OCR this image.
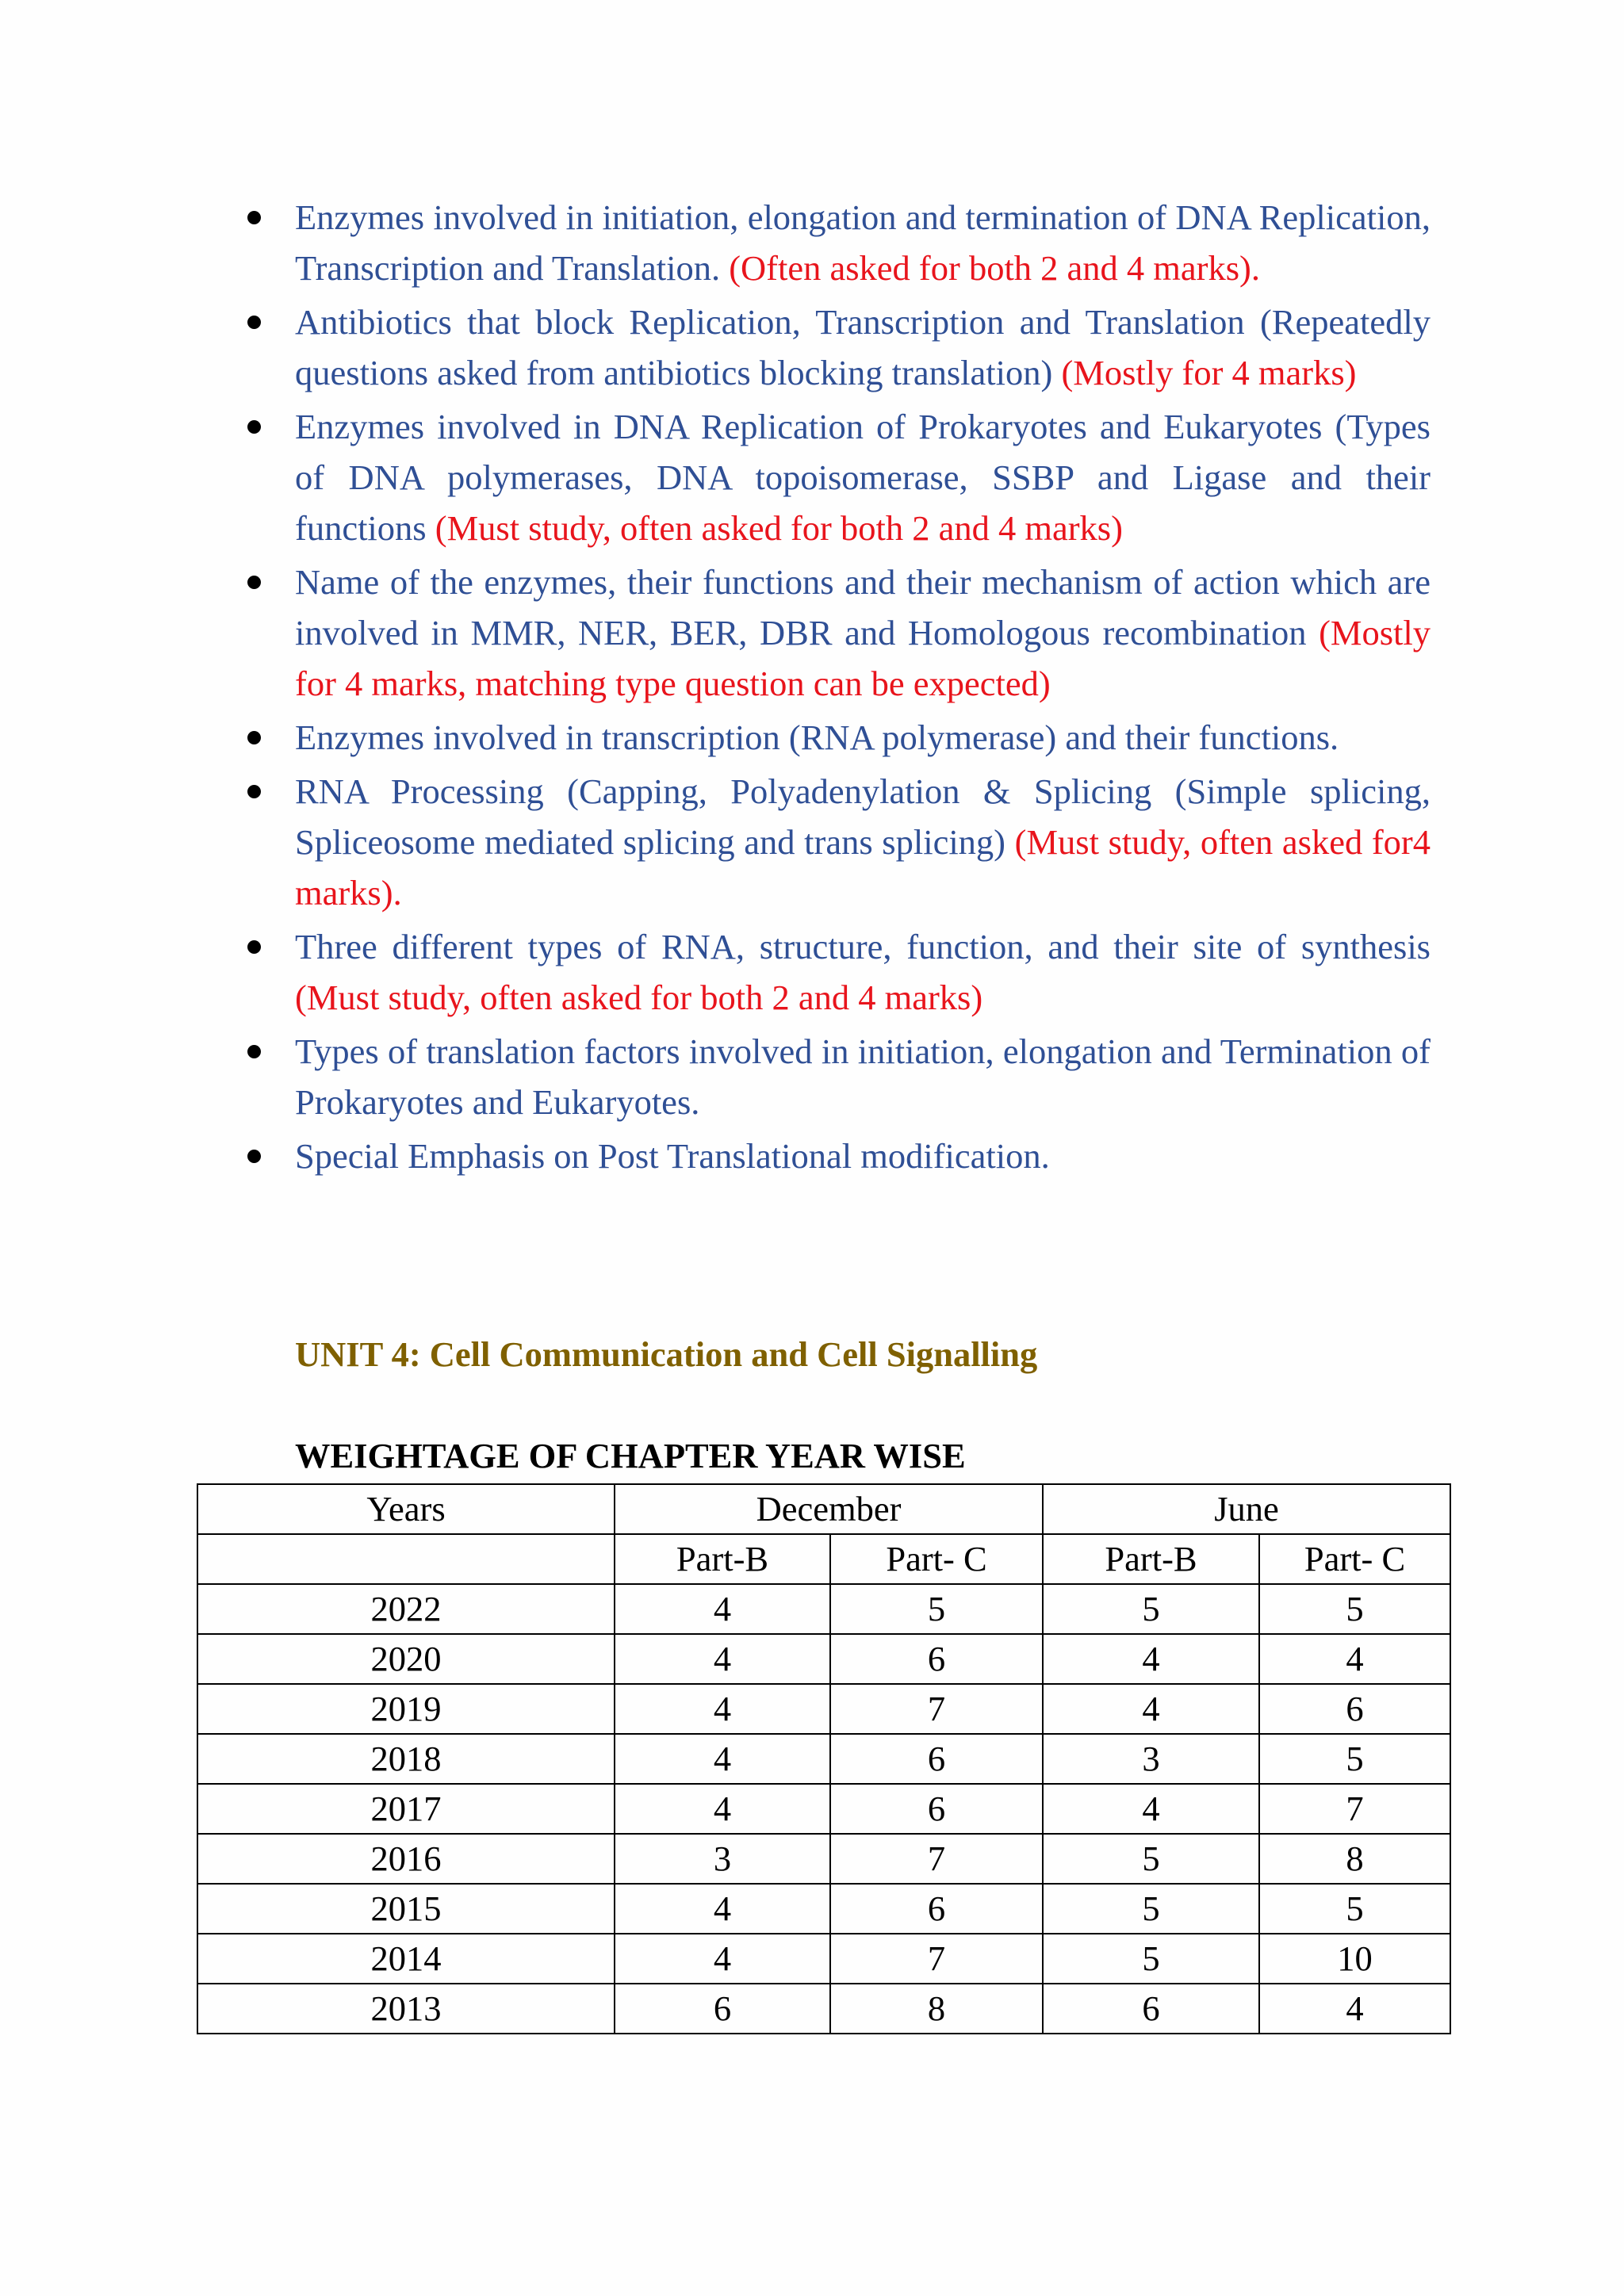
Enzymes involved in initiation, elongation and termination of DNA Replication, Transcription and Translation. (Often asked for both 2 and 4 marks).
Antibiotics that block Replication, Transcription and Translation (Repeatedly questions asked from antibiotics blocking translation) (Mostly for 4 marks)
Enzymes involved in DNA Replication of Prokaryotes and Eukaryotes (Types of DNA polymerases, DNA topoisomerase, SSBP and Ligase and their functions (Must study, often asked for both 2 and 4 marks)
Name of the enzymes, their functions and their mechanism of action which are involved in MMR, NER, BER, DBR and Homologous recombination (Mostly for 4 marks, matching type question can be expected)
Enzymes involved in transcription (RNA polymerase) and their functions.
RNA Processing (Capping, Polyadenylation & Splicing (Simple splicing, Spliceosome mediated splicing and trans splicing) (Must study, often asked for4 marks).
Three different types of RNA, structure, function, and their site of synthesis (Must study, often asked for both 2 and 4 marks)
Types of translation factors involved in initiation, elongation and Termination of Prokaryotes and Eukaryotes.
Special Emphasis on Post Translational modification.
UNIT 4: Cell Communication and Cell Signalling
WEIGHTAGE OF CHAPTER YEAR WISE
Years	December		June	
	Part-B	Part- C	Part-B	Part- C
2022	4	5	5	5
2020	4	6	4	4
2019	4	7	4	6
2018	4	6	3	5
2017	4	6	4	7
2016	3	7	5	8
2015	4	6	5	5
2014	4	7	5	10
2013	6	8	6	4
